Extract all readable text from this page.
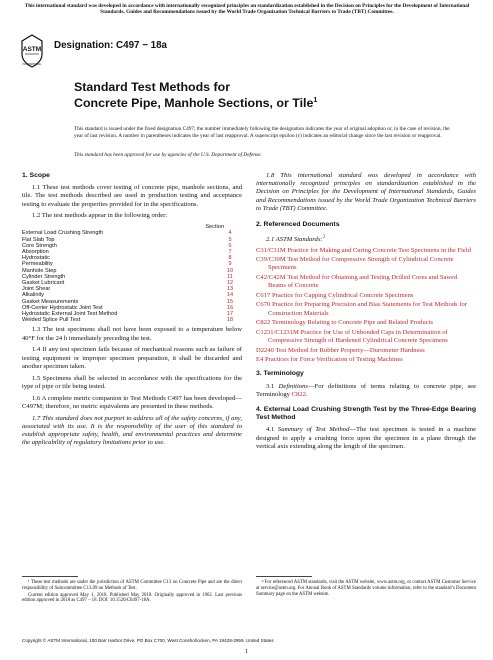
This international standard was developed in accordance with internationally recognized principles on standardization established in the Decision on Principles for the Development of International Standards, Guides and Recommendations issued by the World Trade Organization Technical Barriers to Trade (TBT) Committee.
ASTM
INTERNATIONAL
Designation: C497 − 18a
Standard Test Methods for
Concrete Pipe, Manhole Sections, or Tile$^1$
This standard is issued under the fixed designation C497; the number immediately following the designation indicates the year of original adoption or, in the case of revision, the year of last revision. A number in parentheses indicates the year of last reapproval. A superscript epsilon (ε) indicates an editorial change since the last revision or reapproval.
This standard has been approved for use by agencies of the U.S. Department of Defense.
1. Scope

1.1 These test methods cover testing of concrete pipe, manhole sections, and tile. The test methods described are used in production testing and acceptance testing to evaluate the properties provided for in the specifications.

1.2 The test methods appear in the following order:

Section
External Load Crushing Strength	4
Flat Slab Top	5
Core Strength	6
Absorption	7
Hydrostatic	8
Permeability	9
Manhole Step	10
Cylinder Strength	11
Gasket Lubricant	12
Joint Shear	13
Alkalinity	14
Gasket Measurements	15
Off-Center Hydrostatic Joint Test	16
Hydrostatic External Joint Test Method	17
Welded Splice Pull Test	18

1.3 The test specimens shall not have been exposed to a temperature below 40°F for the 24 h immediately preceding the test.

1.4 If any test specimen fails because of mechanical reasons such as failure of testing equipment or improper specimen preparation, it shall be discarded and another specimen taken.

1.5 Specimens shall be selected in accordance with the specifications for the type of pipe or tile being tested.

1.6 A complete metric companion to Test Methods C497 has been developed—C497M; therefore, no metric equivalents are presented in these methods.

1.7 This standard does not purport to address all of the safety concerns, if any, associated with its use. It is the responsibility of the user of this standard to establish appropriate safety, health, and environmental practices and determine the applicability of regulatory limitations prior to use.

1.8 This international standard was developed in accordance with internationally recognized principles on standardization established in the Decision on Principles for the Development of International Standards, Guides and Recommendations issued by the World Trade Organization Technical Barriers to Trade (TBT) Committee.

2. Referenced Documents

2.1 ASTM Standards:$^2$

C31/C31M Practice for Making and Curing Concrete Test Specimens in the Field

C39/C39M Test Method for Compressive Strength of Cylindrical Concrete Specimens

C42/C42M Test Method for Obtaining and Testing Drilled Cores and Sawed Beams of Concrete

C617 Practice for Capping Cylindrical Concrete Specimens

C670 Practice for Preparing Precision and Bias Statements for Test Methods for Construction Materials

C822 Terminology Relating to Concrete Pipe and Related Products

C1231/C1231M Practice for Use of Unbonded Caps in Determination of Compressive Strength of Hardened Cylindrical Concrete Specimens

D2240 Test Method for Rubber Property—Durometer Hardness

E4 Practices for Force Verification of Testing Machines

3. Terminology

3.1 Definitions—For definitions of terms relating to concrete pipe, see Terminology C822.

4. External Load Crushing Strength Test by the Three-Edge Bearing Test Method

4.1 Summary of Test Method—The test specimen is tested in a machine designed to apply a crushing force upon the specimen in a plane through the vertical axis extending along the length of the specimen.

¹ These test methods are under the jurisdiction of ASTM Committee C13 on Concrete Pipe and are the direct responsibility of Subcommittee C13.09 on Methods of Test.

Current edition approved May 1, 2018. Published May 2018. Originally approved in 1962. Last previous edition approved in 2018 as C497 – 18. DOI: 10.1520/C0497-18A.

² For referenced ASTM standards, visit the ASTM website, www.astm.org, or contact ASTM Customer Service at service@astm.org. For Annual Book of ASTM Standards volume information, refer to the standard’s Document Summary page on the ASTM website.

Copyright © ASTM International, 100 Barr Harbor Drive, PO Box C700, West Conshohocken, PA 19428-2959. United States
1
